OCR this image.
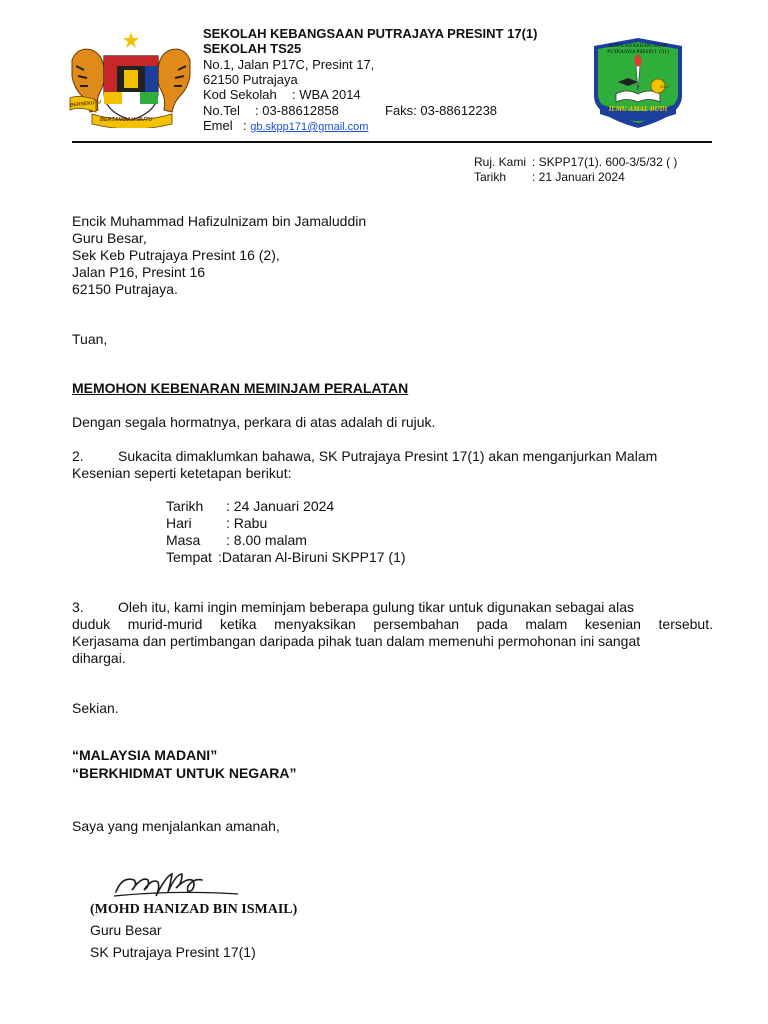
BERSEKUTU
BERTAMBAH MUTU
SEKOLAH KEBANGSAAN PUTRAJAYA PRESINT 17(1)
SEKOLAH TS25
No.1, Jalan P17C, Presint 17,
62150 Putrajaya
Kod Sekolah : WBA 2014
No.Tel : 03-88612858	Faks: 03-88612238
Emel : gb.skpp171@gmail.com
SEKOLAH KEBANGSAAN PUTRAJAYA PRESINT 17(1)
2012
ILMU AMAL BUDI
Ruj. Kami : SKPP17(1). 600-3/5/32 ( )
Tarikh : 21 Januari 2024
Encik Muhammad Hafizulnizam bin Jamaluddin
Guru Besar,
Sek Keb Putrajaya Presint 16 (2),
Jalan P16, Presint 16
62150 Putrajaya.
Tuan,
MEMOHON KEBENARAN MEMINJAM PERALATAN
Dengan segala hormatnya, perkara di atas adalah di rujuk.
2. Sukacita dimaklumkan bahawa, SK Putrajaya Presint 17(1) akan menganjurkan Malam
Kesenian seperti ketetapan berikut:
Tarikh : 24 Januari 2024
Hari : Rabu
Masa : 8.00 malam
Tempat :Dataran Al-Biruni SKPP17 (1)
3. Oleh itu, kami ingin meminjam beberapa gulung tikar untuk digunakan sebagai alas
duduk murid-murid ketika menyaksikan persembahan pada malam kesenian tersebut.
Kerjasama dan pertimbangan daripada pihak tuan dalam memenuhi permohonan ini sangat
dihargai.
Sekian.
“MALAYSIA MADANI”
“BERKHIDMAT UNTUK NEGARA”
Saya yang menjalankan amanah,
(MOHD HANIZAD BIN ISMAIL)
Guru Besar
SK Putrajaya Presint 17(1)
